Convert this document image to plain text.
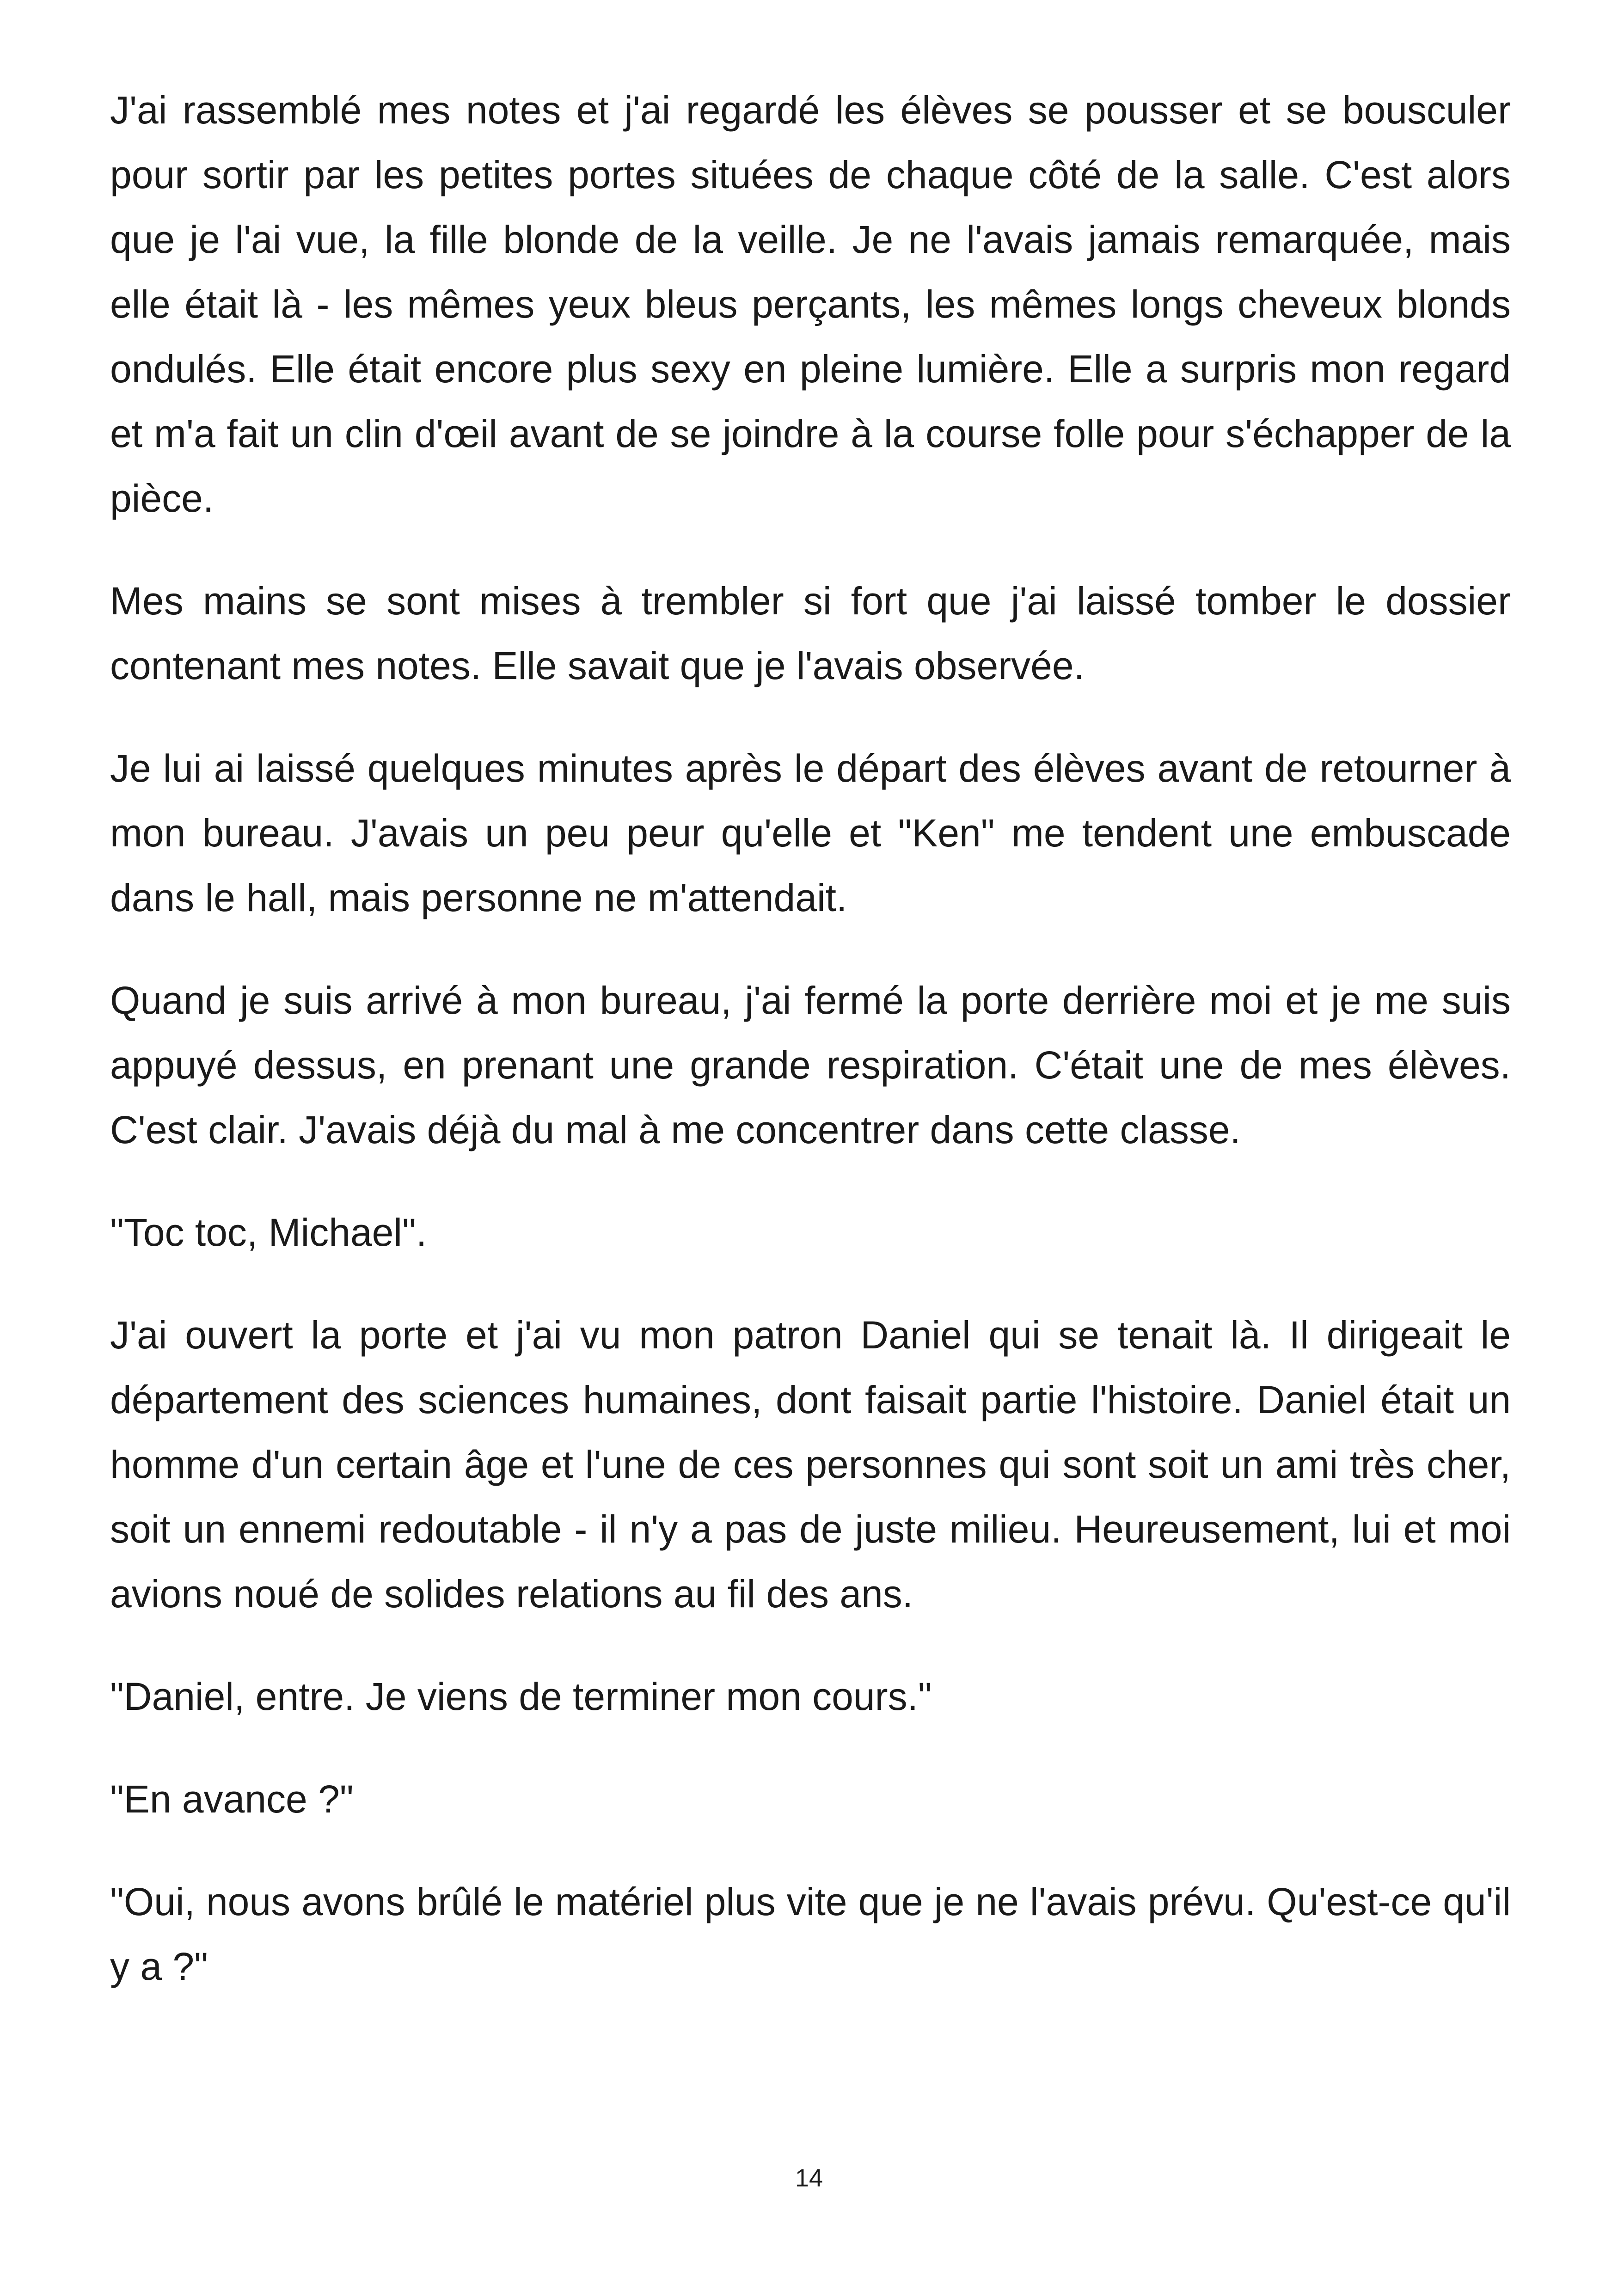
J'ai rassemblé mes notes et j'ai regardé les élèves se pousser et se bousculer pour sortir par les petites portes situées de chaque côté de la salle. C'est alors que je l'ai vue, la fille blonde de la veille. Je ne l'avais jamais remarquée, mais elle était là - les mêmes yeux bleus perçants, les mêmes longs cheveux blonds ondulés. Elle était encore plus sexy en pleine lumière. Elle a surpris mon regard et m'a fait un clin d'œil avant de se joindre à la course folle pour s'échapper de la pièce.

Mes mains se sont mises à trembler si fort que j'ai laissé tomber le dossier contenant mes notes. Elle savait que je l'avais observée.

Je lui ai laissé quelques minutes après le départ des élèves avant de retourner à mon bureau. J'avais un peu peur qu'elle et "Ken" me tendent une embuscade dans le hall, mais personne ne m'attendait.

Quand je suis arrivé à mon bureau, j'ai fermé la porte derrière moi et je me suis appuyé dessus, en prenant une grande respiration. C'était une de mes élèves. C'est clair. J'avais déjà du mal à me concentrer dans cette classe.

"Toc toc, Michael".

J'ai ouvert la porte et j'ai vu mon patron Daniel qui se tenait là. Il dirigeait le département des sciences humaines, dont faisait partie l'histoire. Daniel était un homme d'un certain âge et l'une de ces personnes qui sont soit un ami très cher, soit un ennemi redoutable - il n'y a pas de juste milieu. Heureusement, lui et moi avions noué de solides relations au fil des ans.

"Daniel, entre. Je viens de terminer mon cours."

"En avance ?"

"Oui, nous avons brûlé le matériel plus vite que je ne l'avais prévu. Qu'est-ce qu'il y a ?"

14
